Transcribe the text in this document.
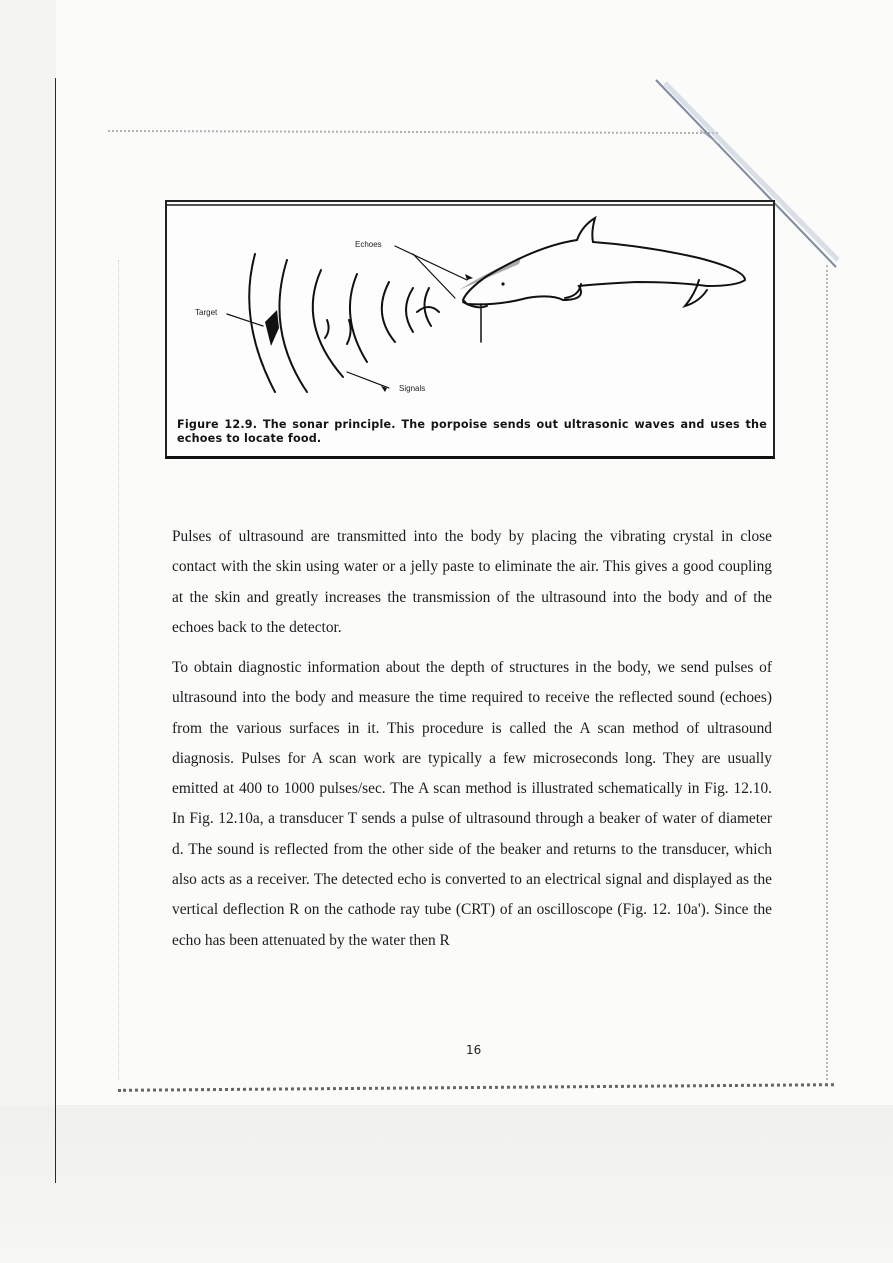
Echoes
Target
Signals
Figure 12.9. The sonar principle. The porpoise sends out ultrasonic waves and uses the echoes to locate food.

Pulses of ultrasound are transmitted into the body by placing the vibrating crystal in close contact with the skin using water or a jelly paste to eliminate the air. This gives a good coupling at the skin and greatly increases the transmission of the ultrasound into the body and of the echoes back to the detector.

To obtain diagnostic information about the depth of structures in the body, we send pulses of ultrasound into the body and measure the time required to receive the reflected sound (echoes) from the various surfaces in it. This procedure is called the A scan method of ultrasound diagnosis. Pulses for A scan work are typically a few microseconds long. They are usually emitted at 400 to 1000 pulses/sec. The A scan method is illustrated schematically in Fig. 12.10. In Fig. 12.10a, a transducer T sends a pulse of ultrasound through a beaker of water of diameter d. The sound is reflected from the other side of the beaker and returns to the transducer, which also acts as a receiver. The detected echo is converted to an electrical signal and displayed as the vertical deflection R on the cathode ray tube (CRT) of an oscilloscope (Fig. 12. 10a'). Since the echo has been attenuated by the water then R

16
